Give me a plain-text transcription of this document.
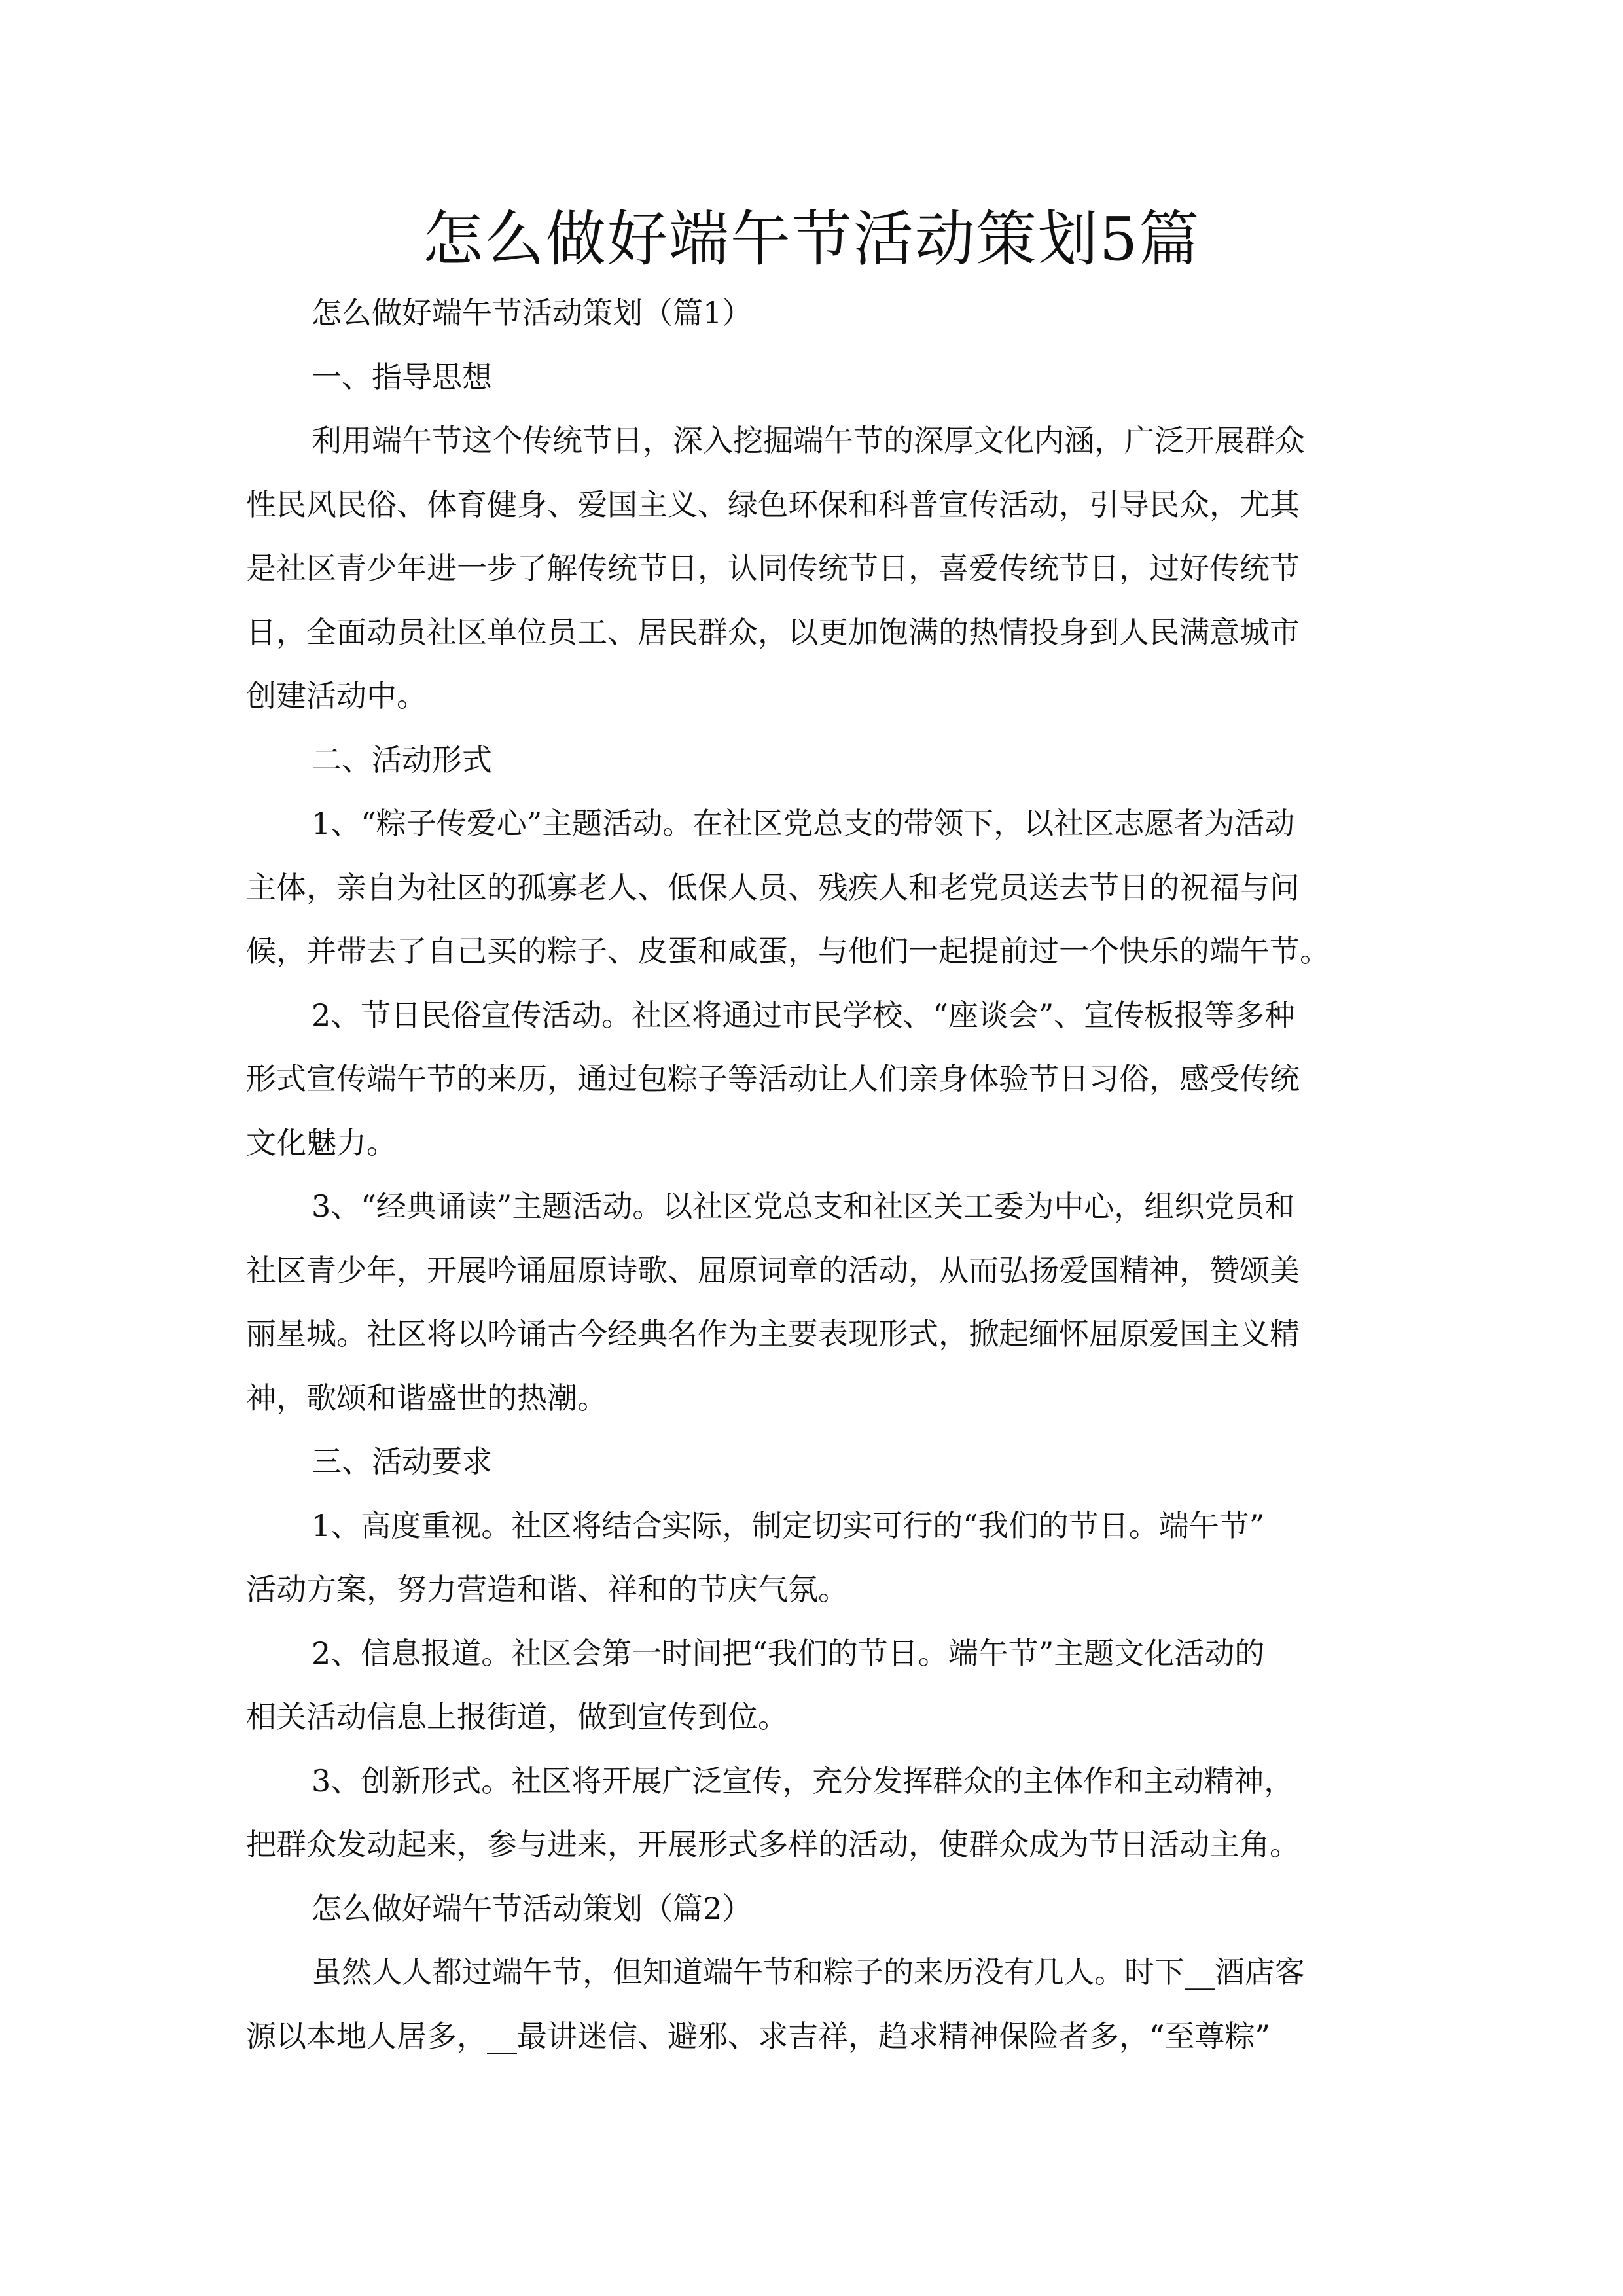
怎么做好端午节活动策划5篇

怎么做好端午节活动策划（篇1）

一、指导思想

利用端午节这个传统节日，深入挖掘端午节的深厚文化内涵，广泛开展群众

性民风民俗、体育健身、爱国主义、绿色环保和科普宣传活动，引导民众，尤其

是社区青少年进一步了解传统节日，认同传统节日，喜爱传统节日，过好传统节

日，全面动员社区单位员工、居民群众，以更加饱满的热情投身到人民满意城市

创建活动中。

二、活动形式

1、“粽子传爱心”主题活动。在社区党总支的带领下，以社区志愿者为活动

主体，亲自为社区的孤寡老人、低保人员、残疾人和老党员送去节日的祝福与问

候，并带去了自己买的粽子、皮蛋和咸蛋，与他们一起提前过一个快乐的端午节。

2、节日民俗宣传活动。社区将通过市民学校、“座谈会”、宣传板报等多种

形式宣传端午节的来历，通过包粽子等活动让人们亲身体验节日习俗，感受传统

文化魅力。

3、“经典诵读”主题活动。以社区党总支和社区关工委为中心，组织党员和

社区青少年，开展吟诵屈原诗歌、屈原词章的活动，从而弘扬爱国精神，赞颂美

丽星城。社区将以吟诵古今经典名作为主要表现形式，掀起缅怀屈原爱国主义精

神，歌颂和谐盛世的热潮。

三、活动要求

1、高度重视。社区将结合实际，制定切实可行的“我们的节日。端午节”

活动方案，努力营造和谐、祥和的节庆气氛。

2、信息报道。社区会第一时间把“我们的节日。端午节”主题文化活动的

相关活动信息上报街道，做到宣传到位。

3、创新形式。社区将开展广泛宣传，充分发挥群众的主体作和主动精神，

把群众发动起来，参与进来，开展形式多样的活动，使群众成为节日活动主角。

怎么做好端午节活动策划（篇2）

虽然人人都过端午节，但知道端午节和粽子的来历没有几人。时下__酒店客

源以本地人居多，__最讲迷信、避邪、求吉祥，趋求精神保险者多，“至尊粽”
